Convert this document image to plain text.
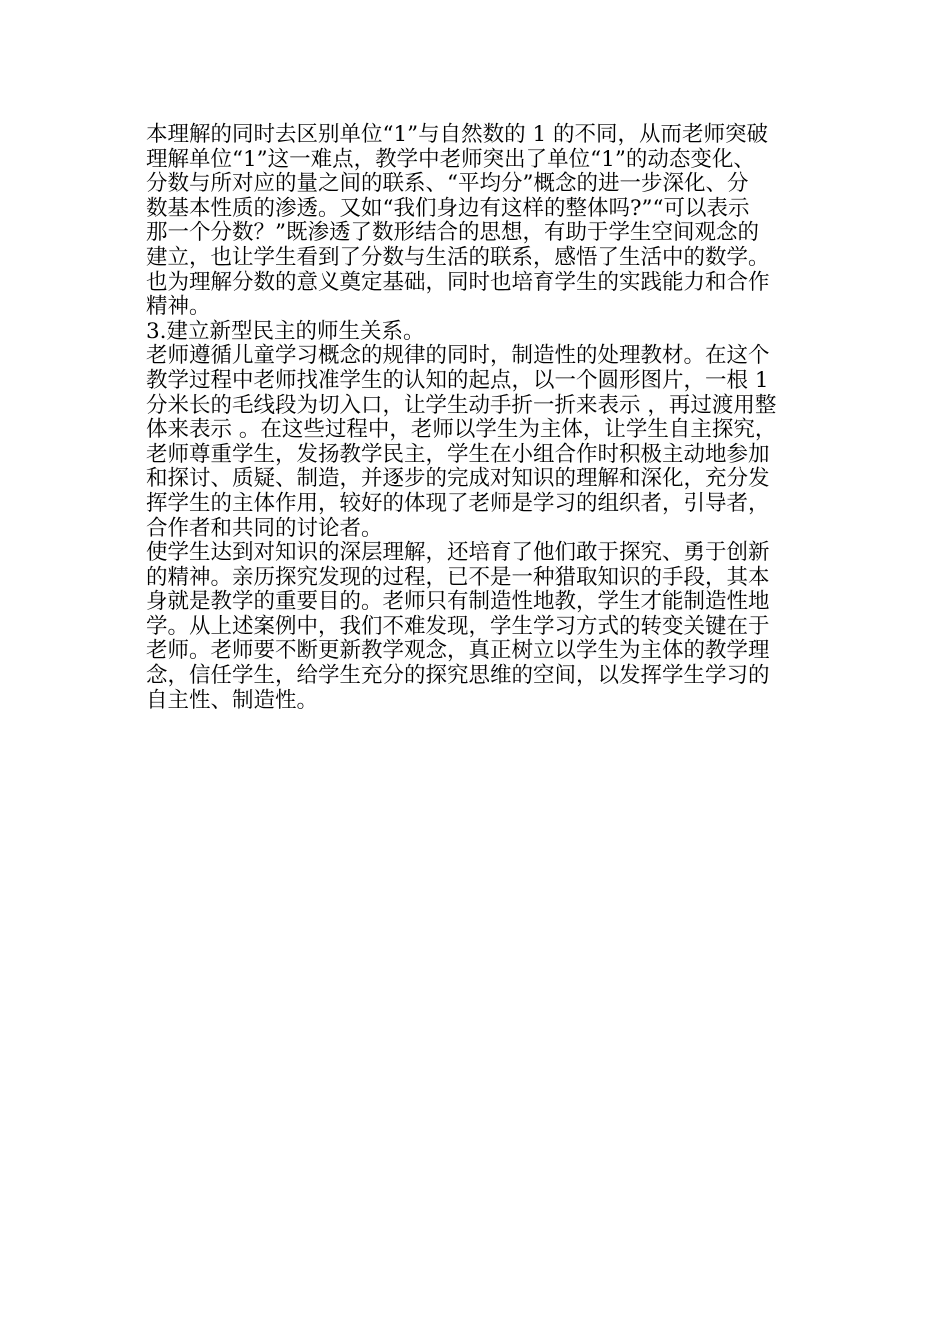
本理解的同时去区别单位“1”与自然数的 1 的不同，从而老师突破
理解单位“1”这一难点，教学中老师突出了单位“1”的动态变化、
分数与所对应的量之间的联系、“平均分”概念的进一步深化、分
数基本性质的渗透。又如“我们身边有这样的整体吗?”“可以表示
那一个分数？”既渗透了数形结合的思想，有助于学生空间观念的
建立，也让学生看到了分数与生活的联系，感悟了生活中的数学。
也为理解分数的意义奠定基础，同时也培育学生的实践能力和合作
精神。
3.建立新型民主的师生关系。
老师遵循儿童学习概念的规律的同时，制造性的处理教材。在这个
教学过程中老师找准学生的认知的起点，以一个圆形图片，一根 1
分米长的毛线段为切入口，让学生动手折一折来表示 ，再过渡用整
体来表示 。在这些过程中，老师以学生为主体，让学生自主探究，
老师尊重学生，发扬教学民主，学生在小组合作时积极主动地参加
和探讨、质疑、制造，并逐步的完成对知识的理解和深化，充分发
挥学生的主体作用，较好的体现了老师是学习的组织者，引导者，
合作者和共同的讨论者。
使学生达到对知识的深层理解，还培育了他们敢于探究、勇于创新
的精神。亲历探究发现的过程，已不是一种猎取知识的手段，其本
身就是教学的重要目的。老师只有制造性地教，学生才能制造性地
学。从上述案例中，我们不难发现，学生学习方式的转变关键在于
老师。老师要不断更新教学观念，真正树立以学生为主体的教学理
念，信任学生，给学生充分的探究思维的空间，以发挥学生学习的
自主性、制造性。
